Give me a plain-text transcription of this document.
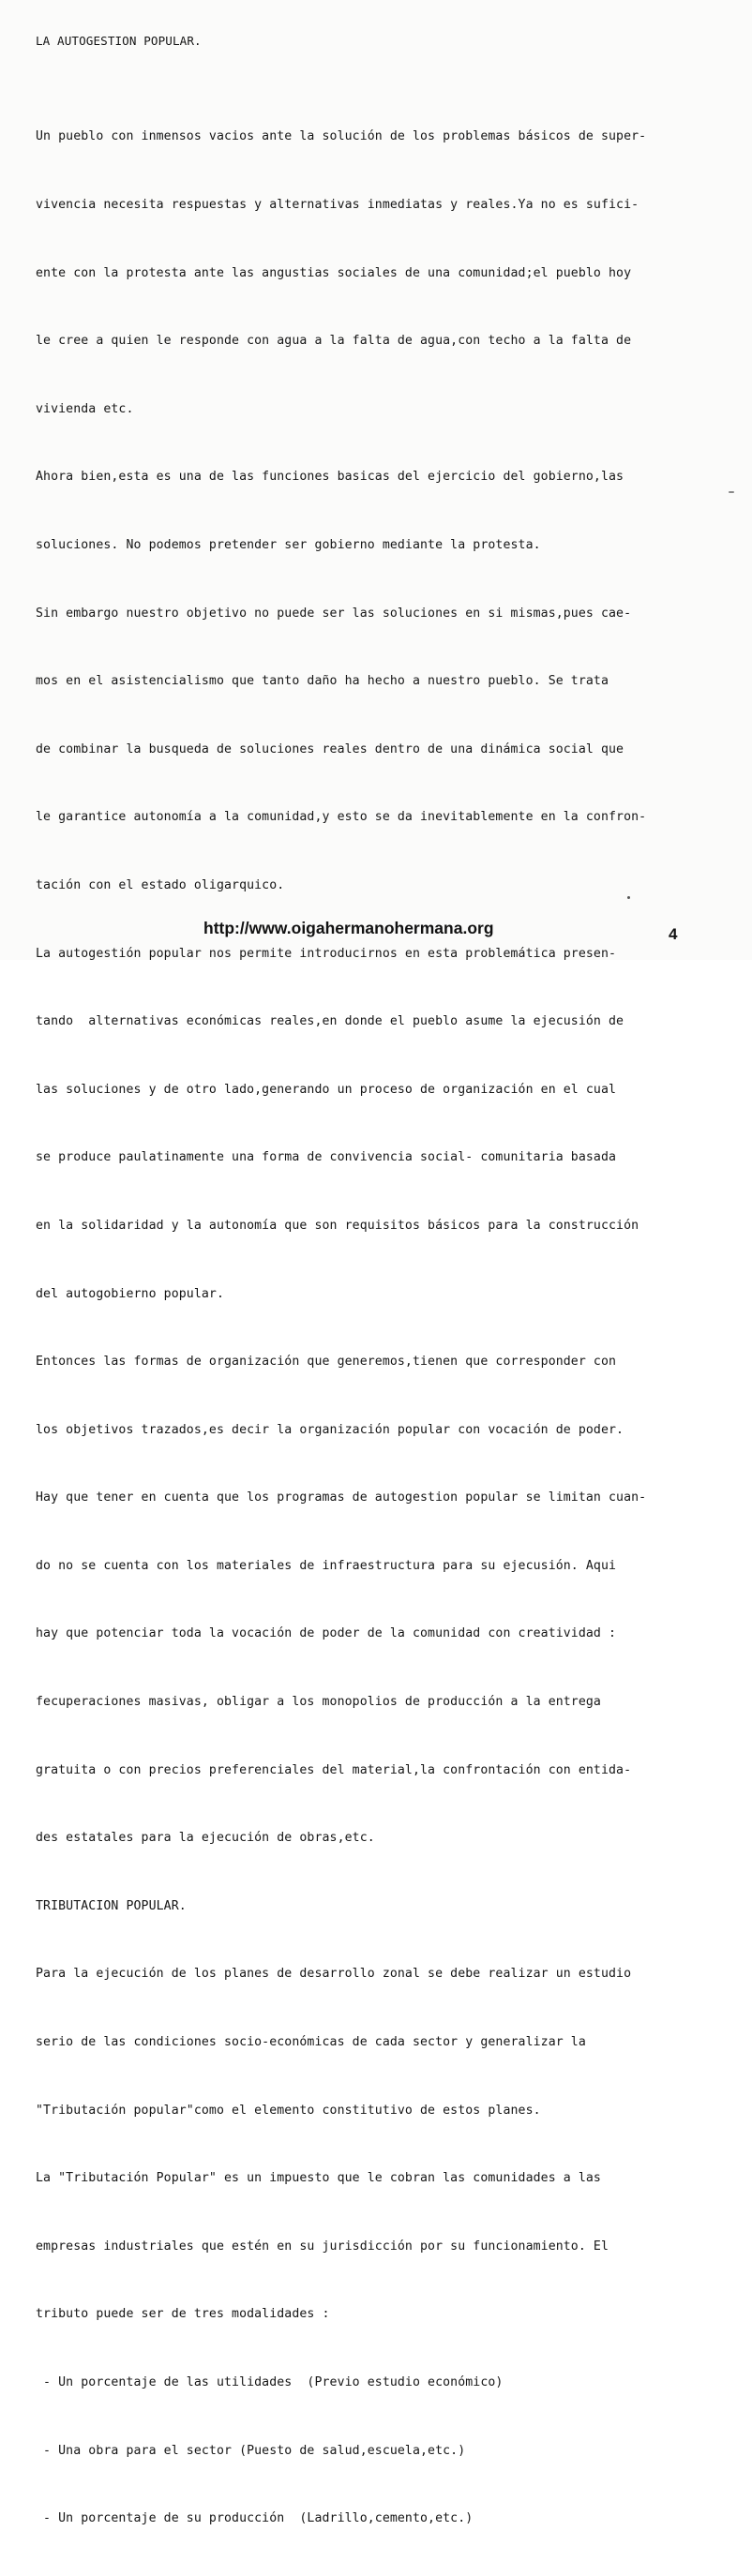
LA AUTOGESTION POPULAR.

Un pueblo con inmensos vacios ante la solución de los problemas básicos de super-

vivencia necesita respuestas y alternativas inmediatas y reales.Ya no es sufici-

ente con la protesta ante las angustias sociales de una comunidad;el pueblo hoy

le cree a quien le responde con agua a la falta de agua,con techo a la falta de

vivienda etc.

Ahora bien,esta es una de las funciones basicas del ejercicio del gobierno,las

soluciones. No podemos pretender ser gobierno mediante la protesta.

Sin embargo nuestro objetivo no puede ser las soluciones en si mismas,pues cae-

mos en el asistencialismo que tanto daño ha hecho a nuestro pueblo. Se trata

de combinar la busqueda de soluciones reales dentro de una dinámica social que

le garantice autonomía a la comunidad,y esto se da inevitablemente en la confron-

tación con el estado oligarquico.

La autogestión popular nos permite introducirnos en esta problemática presen-

tando  alternativas económicas reales,en donde el pueblo asume la ejecusión de

las soluciones y de otro lado,generando un proceso de organización en el cual

se produce paulatinamente una forma de convivencia social- comunitaria basada

en la solidaridad y la autonomía que son requisitos básicos para la construcción

del autogobierno popular.

Entonces las formas de organización que generemos,tienen que corresponder con

los objetivos trazados,es decir la organización popular con vocación de poder.

Hay que tener en cuenta que los programas de autogestion popular se limitan cuan-

do no se cuenta con los materiales de infraestructura para su ejecusión. Aqui

hay que potenciar toda la vocación de poder de la comunidad con creatividad :

fecuperaciones masivas, obligar a los monopolios de producción a la entrega

gratuita o con precios preferenciales del material,la confrontación con entida-

des estatales para la ejecución de obras,etc.

TRIBUTACION POPULAR.

Para la ejecución de los planes de desarrollo zonal se debe realizar un estudio

serio de las condiciones socio-económicas de cada sector y generalizar la

"Tributación popular"como el elemento constitutivo de estos planes.

La "Tributación Popular" es un impuesto que le cobran las comunidades a las

empresas industriales que estén en su jurisdicción por su funcionamiento. El

tributo puede ser de tres modalidades :

- Un porcentaje de las utilidades  (Previo estudio económico)

- Una obra para el sector (Puesto de salud,escuela,etc.)

- Un porcentaje de su producción  (Ladrillo,cemento,etc.)

http://www.oigahermanohermana.org	4
